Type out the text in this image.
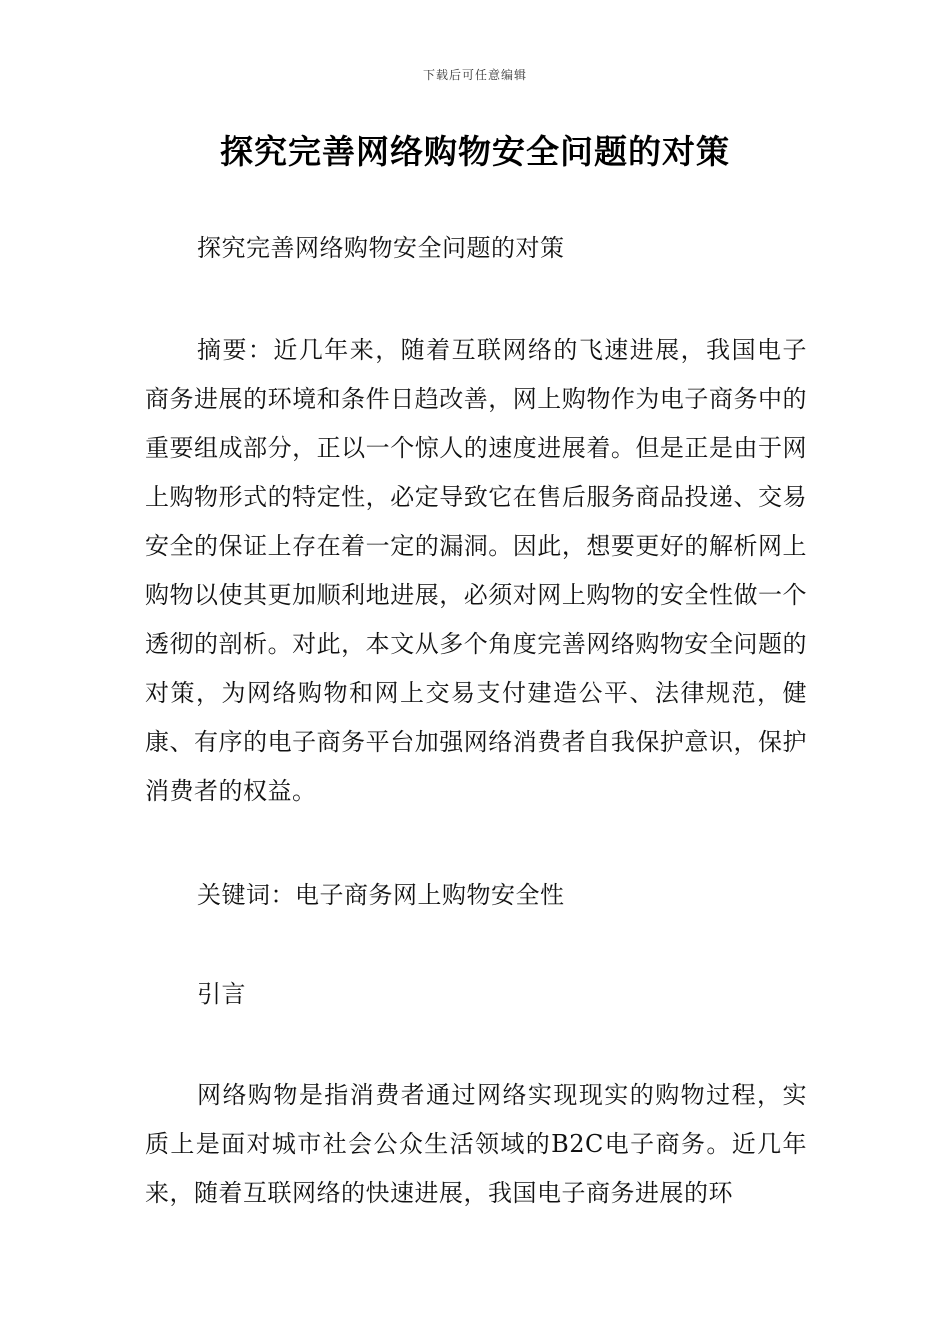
下载后可任意编辑
探究完善网络购物安全问题的对策

探究完善网络购物安全问题的对策

摘要：近几年来，随着互联网络的飞速进展，我国电子商务进展的环境和条件日趋改善，网上购物作为电子商务中的重要组成部分，正以一个惊人的速度进展着。但是正是由于网上购物形式的特定性，必定导致它在售后服务商品投递、交易安全的保证上存在着一定的漏洞。因此，想要更好的解析网上购物以使其更加顺利地进展，必须对网上购物的安全性做一个透彻的剖析。对此，本文从多个角度完善网络购物安全问题的对策，为网络购物和网上交易支付建造公平、法律规范，健康、有序的电子商务平台加强网络消费者自我保护意识，保护消费者的权益。

关键词：电子商务网上购物安全性

引言

网络购物是指消费者通过网络实现现实的购物过程，实质上是面对城市社会公众生活领域的B2C电子商务。近几年来，随着互联网络的快速进展，我国电子商务进展的环
